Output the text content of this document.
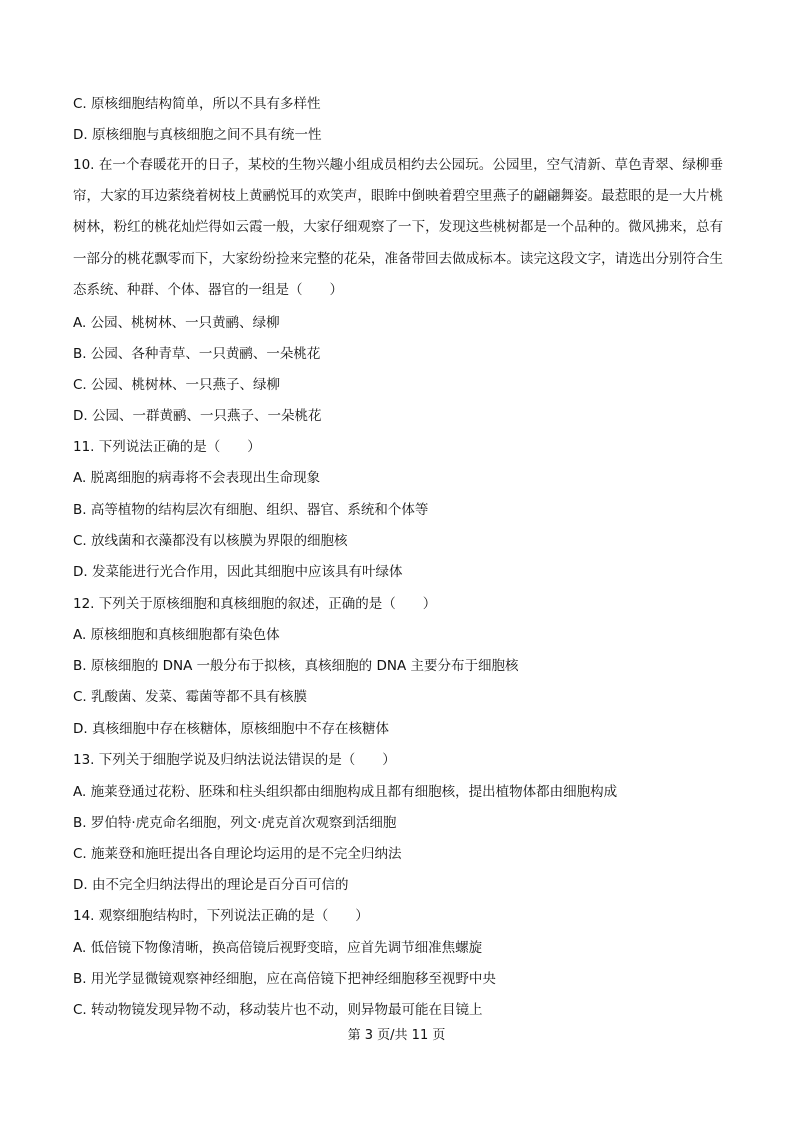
C. 原核细胞结构简单，所以不具有多样性
D. 原核细胞与真核细胞之间不具有统一性
10. 在一个春暖花开的日子，某校的生物兴趣小组成员相约去公园玩。公园里，空气清新、草色青翠、绿柳垂帘，大家的耳边萦绕着树枝上黄鹂悦耳的欢笑声，眼眸中倒映着碧空里燕子的翩翩舞姿。最惹眼的是一大片桃树林，粉红的桃花灿烂得如云霞一般，大家仔细观察了一下，发现这些桃树都是一个品种的。微风拂来，总有一部分的桃花飘零而下，大家纷纷捡来完整的花朵，准备带回去做成标本。读完这段文字，请选出分别符合生态系统、种群、个体、器官的一组是（　　）
A. 公园、桃树林、一只黄鹂、绿柳
B. 公园、各种青草、一只黄鹂、一朵桃花
C. 公园、桃树林、一只燕子、绿柳
D. 公园、一群黄鹂、一只燕子、一朵桃花
11. 下列说法正确的是（　　）
A. 脱离细胞的病毒将不会表现出生命现象
B. 高等植物的结构层次有细胞、组织、器官、系统和个体等
C. 放线菌和衣藻都没有以核膜为界限的细胞核
D. 发菜能进行光合作用，因此其细胞中应该具有叶绿体
12. 下列关于原核细胞和真核细胞的叙述，正确的是（　　）
A. 原核细胞和真核细胞都有染色体
B. 原核细胞的 DNA 一般分布于拟核，真核细胞的 DNA 主要分布于细胞核
C. 乳酸菌、发菜、霉菌等都不具有核膜
D. 真核细胞中存在核糖体，原核细胞中不存在核糖体
13. 下列关于细胞学说及归纳法说法错误的是（　　）
A. 施莱登通过花粉、胚珠和柱头组织都由细胞构成且都有细胞核，提出植物体都由细胞构成
B. 罗伯特·虎克命名细胞，列文·虎克首次观察到活细胞
C. 施莱登和施旺提出各自理论均运用的是不完全归纳法
D. 由不完全归纳法得出的理论是百分百可信的
14. 观察细胞结构时，下列说法正确的是（　　）
A. 低倍镜下物像清晰，换高倍镜后视野变暗，应首先调节细准焦螺旋
B. 用光学显微镜观察神经细胞，应在高倍镜下把神经细胞移至视野中央
C. 转动物镜发现异物不动，移动装片也不动，则异物最可能在目镜上
第 3 页/共 11 页
